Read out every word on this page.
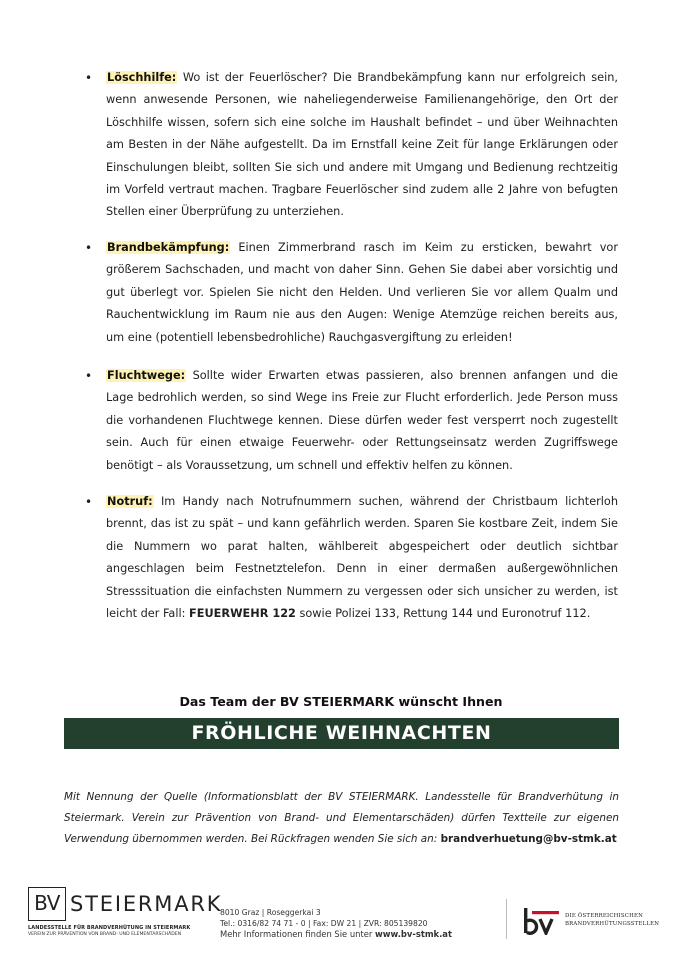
• Löschhilfe: Wo ist der Feuerlöscher? Die Brandbekämpfung kann nur erfolgreich sein, wenn anwesende Personen, wie naheliegenderweise Familienangehörige, den Ort der Löschhilfe wissen, sofern sich eine solche im Haushalt befindet – und über Weihnachten am Besten in der Nähe aufgestellt. Da im Ernstfall keine Zeit für lange Erklärungen oder Einschulungen bleibt, sollten Sie sich und andere mit Umgang und Bedienung rechtzeitig im Vorfeld vertraut machen. Tragbare Feuerlöscher sind zudem alle 2 Jahre von befugten Stellen einer Überprüfung zu unterziehen.
• Brandbekämpfung: Einen Zimmerbrand rasch im Keim zu ersticken, bewahrt vor größerem Sachschaden, und macht von daher Sinn. Gehen Sie dabei aber vorsichtig und gut überlegt vor. Spielen Sie nicht den Helden. Und verlieren Sie vor allem Qualm und Rauchentwicklung im Raum nie aus den Augen: Wenige Atemzüge reichen bereits aus, um eine (potentiell lebensbedrohliche) Rauchgasvergiftung zu erleiden!
• Fluchtwege: Sollte wider Erwarten etwas passieren, also brennen anfangen und die Lage bedrohlich werden, so sind Wege ins Freie zur Flucht erforderlich. Jede Person muss die vorhandenen Fluchtwege kennen. Diese dürfen weder fest versperrt noch zugestellt sein. Auch für einen etwaige Feuerwehr- oder Rettungseinsatz werden Zugriffswege benötigt – als Voraussetzung, um schnell und effektiv helfen zu können.
• Notruf: Im Handy nach Notrufnummern suchen, während der Christbaum lichterloh brennt, das ist zu spät – und kann gefährlich werden. Sparen Sie kostbare Zeit, indem Sie die Nummern wo parat halten, wählbereit abgespeichert oder deutlich sichtbar angeschlagen beim Festnetztelefon. Denn in einer dermaßen außergewöhnlichen Stresssituation die einfachsten Nummern zu vergessen oder sich unsicher zu werden, ist leicht der Fall: FEUERWEHR 122 sowie Polizei 133, Rettung 144 und Euronotruf 112.
Das Team der BV STEIERMARK wünscht Ihnen
FRÖHLICHE WEIHNACHTEN
Mit Nennung der Quelle (Informationsblatt der BV STEIERMARK. Landesstelle für Brandverhütung in Steiermark. Verein zur Prävention von Brand- und Elementarschäden) dürfen Textteile zur eigenen Verwendung übernommen werden. Bei Rückfragen wenden Sie sich an: brandverhuetung@bv-stmk.at
BV STEIERMARK
LANDESSTELLE FÜR BRANDVERHÜTUNG IN STEIERMARK
VEREIN ZUR PRÄVENTION VON BRAND- UND ELEMENTARSCHÄDEN
8010 Graz | Roseggerkai 3
Tel.: 0316/82 74 71 - 0 | Fax: DW 21 | ZVR: 805139820
Mehr Informationen finden Sie unter www.bv-stmk.at
DIE ÖSTERREICHISCHEN
BRANDVERHÜTUNGSSTELLEN
